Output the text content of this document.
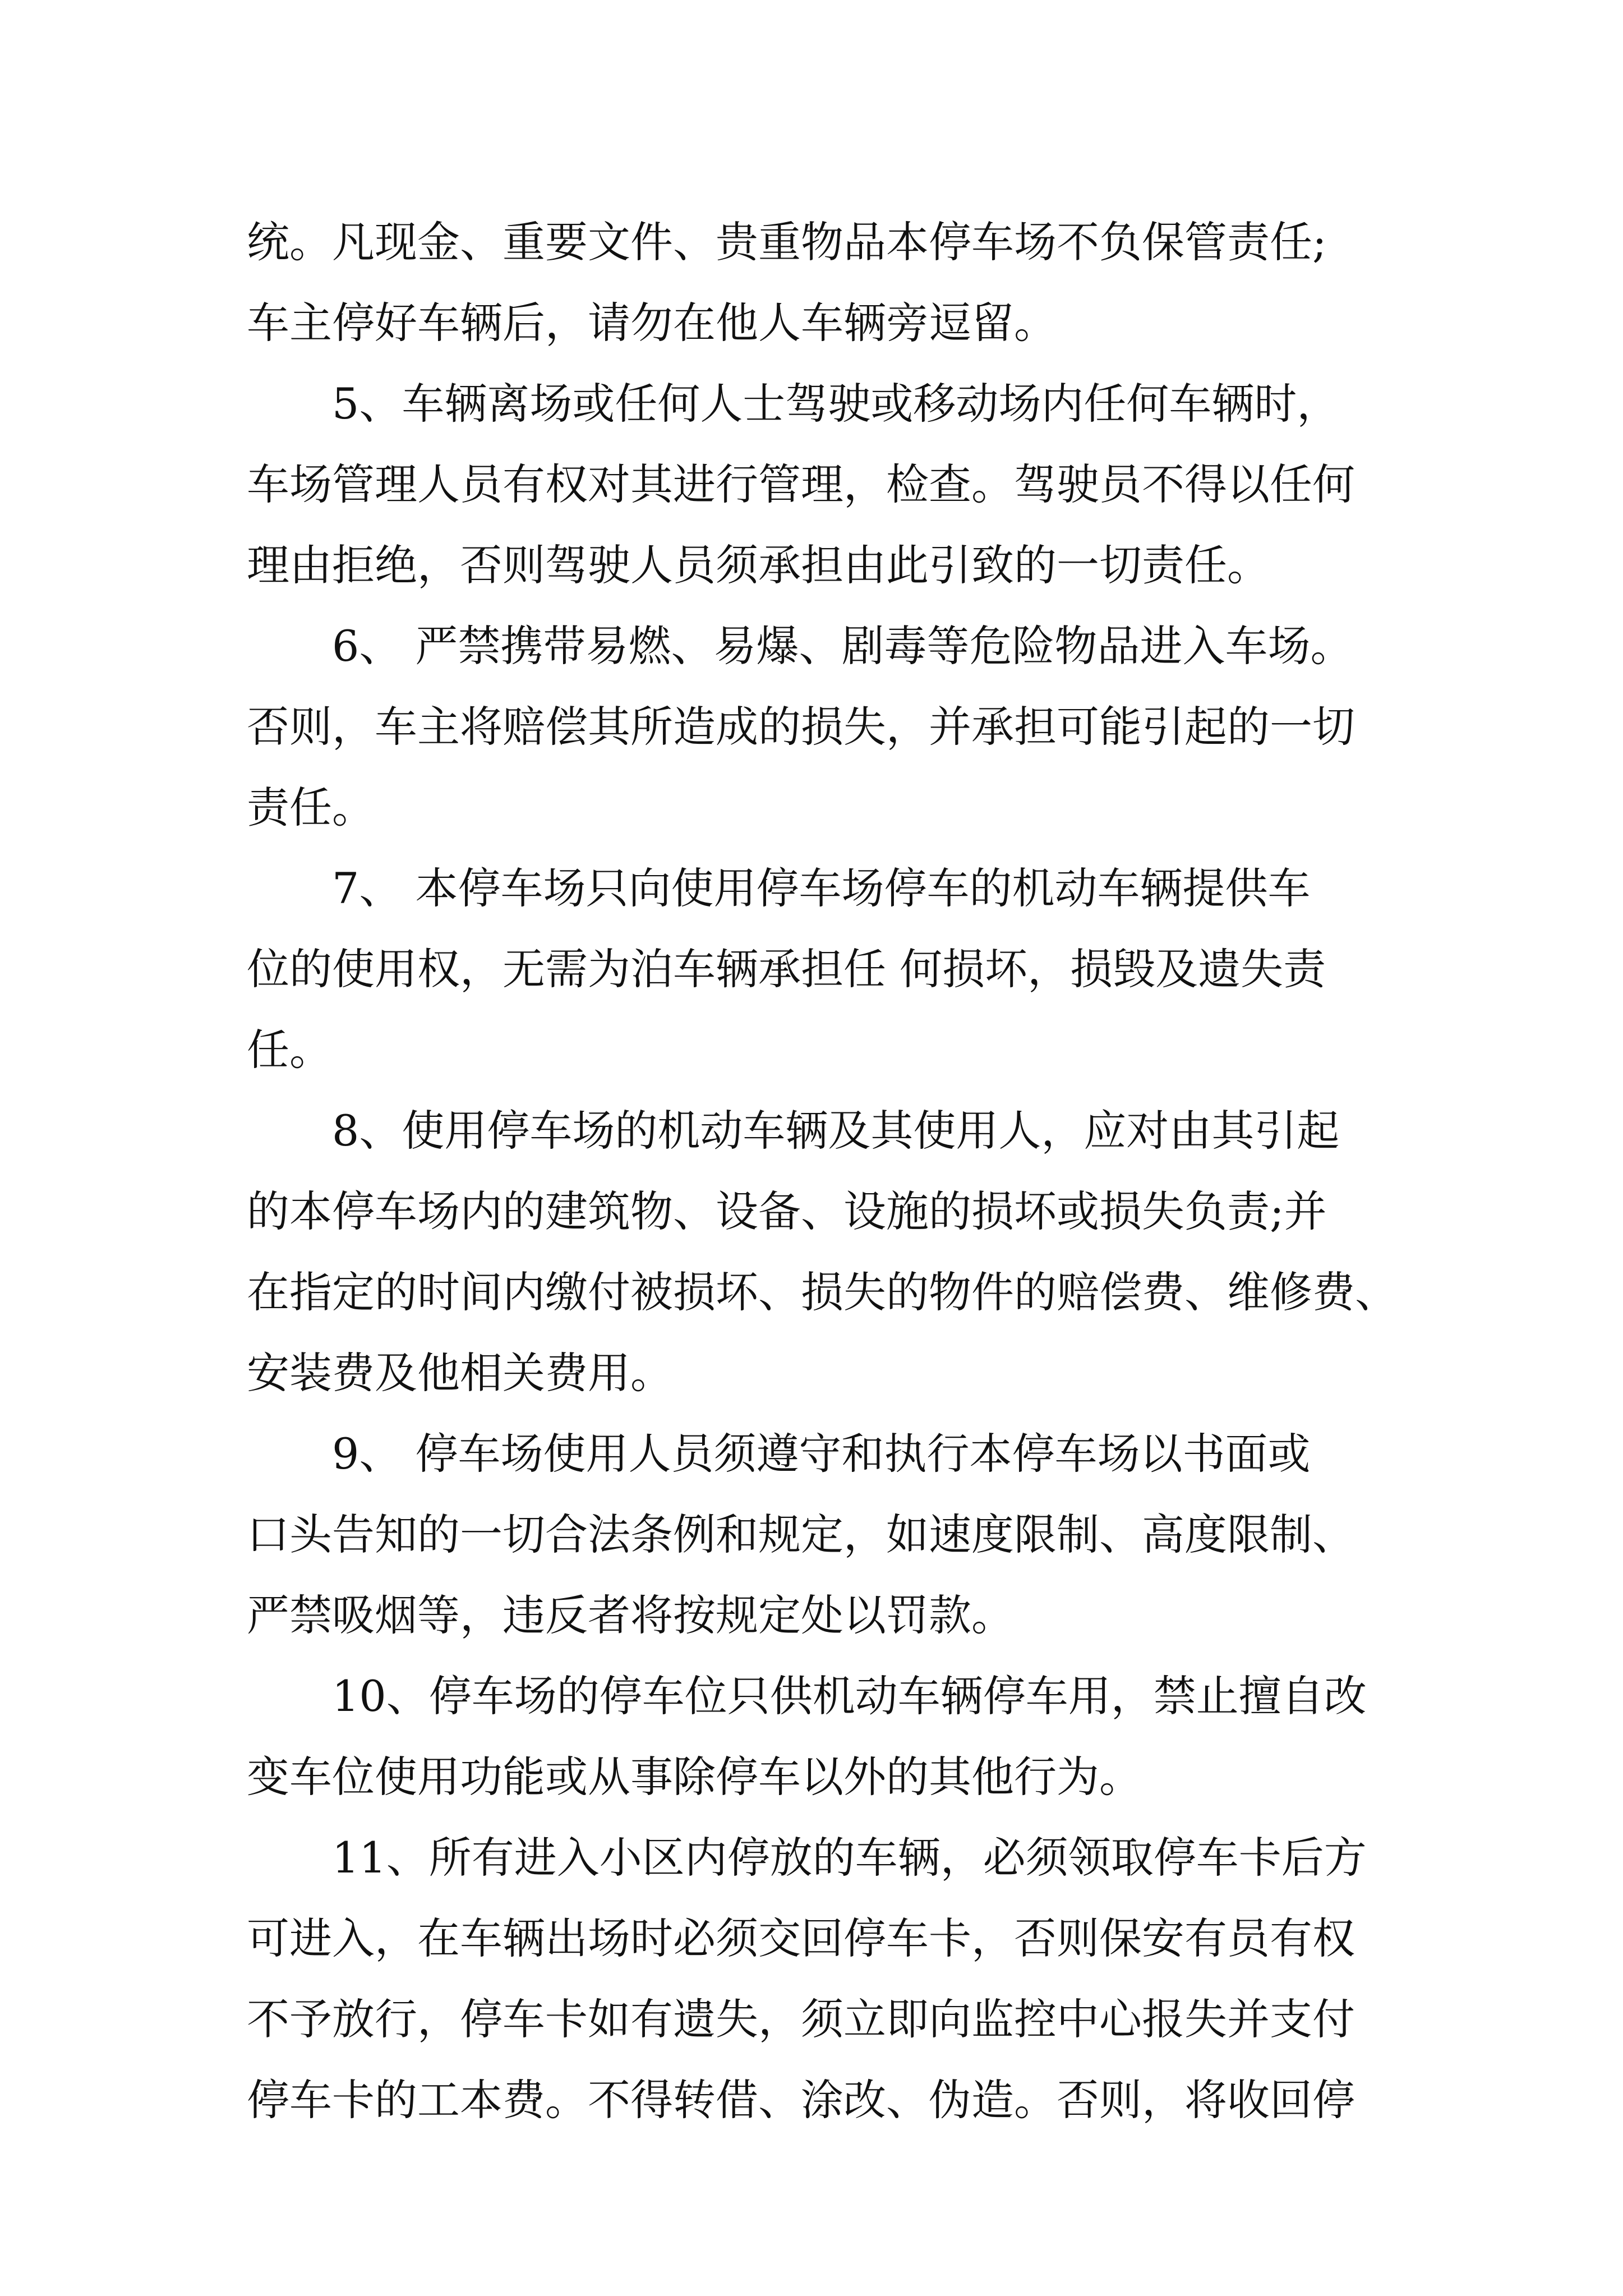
统。凡现金、重要文件、贵重物品本停车场不负保管责任;
车主停好车辆后，请勿在他人车辆旁逗留。
5、车辆离场或任何人士驾驶或移动场内任何车辆时，
车场管理人员有权对其进行管理，检查。驾驶员不得以任何
理由拒绝，否则驾驶人员须承担由此引致的一切责任。
6、 严禁携带易燃、易爆、剧毒等危险物品进入车场。
否则，车主将赔偿其所造成的损失，并承担可能引起的一切
责任。
7、 本停车场只向使用停车场停车的机动车辆提供车
位的使用权，无需为泊车辆承担任 何损坏，损毁及遗失责
任。
8、使用停车场的机动车辆及其使用人，应对由其引起
的本停车场内的建筑物、设备、设施的损坏或损失负责;并
在指定的时间内缴付被损坏、损失的物件的赔偿费、维修费、
安装费及他相关费用。
9、 停车场使用人员须遵守和执行本停车场以书面或
口头告知的一切合法条例和规定，如速度限制、高度限制、
严禁吸烟等，违反者将按规定处以罚款。
10、停车场的停车位只供机动车辆停车用，禁止擅自改
变车位使用功能或从事除停车以外的其他行为。
11、所有进入小区内停放的车辆，必须领取停车卡后方
可进入，在车辆出场时必须交回停车卡，否则保安有员有权
不予放行，停车卡如有遗失，须立即向监控中心报失并支付
停车卡的工本费。不得转借、涂改、伪造。否则，将收回停
